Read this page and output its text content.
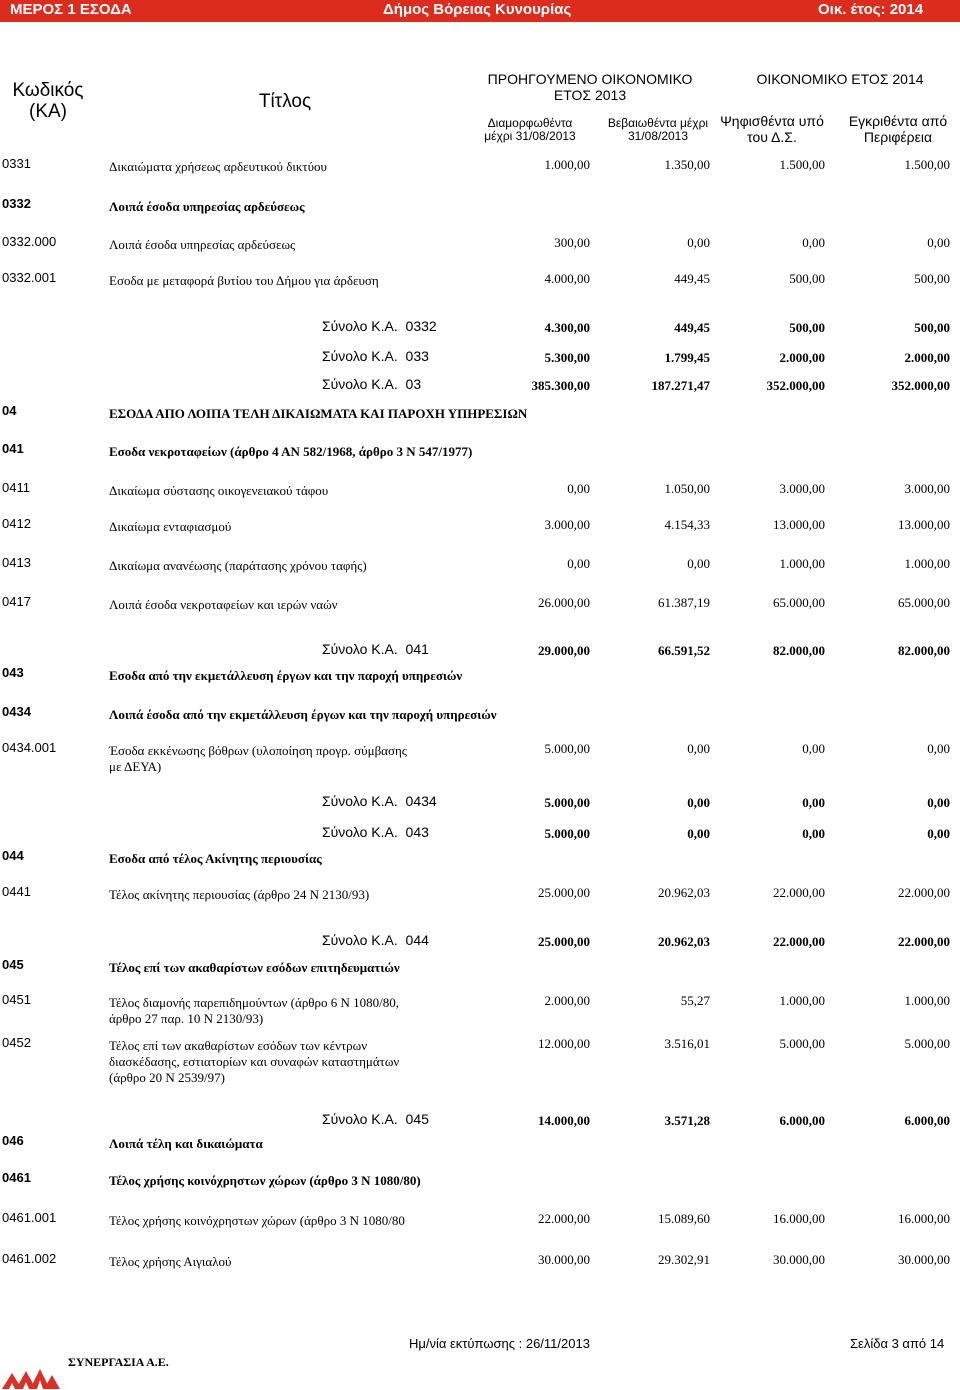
ΜΕΡΟΣ 1 ΕΣΟΔΑ	Δήμος Βόρειας Κυνουρίας	Οικ. έτος: 2014
Κωδικός
(ΚΑ)	Τίτλος
ΠΡΟΗΓΟΥΜΕΝΟ ΟΙΚΟΝΟΜΙΚΟ
ΕΤΟΣ 2013
Διαμορφωθέντα
μέχρι 31/08/2013
Βεβαιωθέντα μέχρι
31/08/2013
ΟΙΚΟΝΟΜΙΚΟ ΕΤΟΣ 2014
Ψηφισθέντα υπό
του Δ.Σ.
Εγκριθέντα από
Περιφέρεια
0331	Δικαιώματα χρήσεως αρδευτικού δικτύου	1.000,00	1.350,00	1.500,00	1.500,00
0332	Λοιπά έσοδα υπηρεσίας αρδεύσεως
0332.000	Λοιπά έσοδα υπηρεσίας αρδεύσεως	300,00	0,00	0,00	0,00
0332.001	Εσοδα με μεταφορά βυτίου του Δήμου για άρδευση	4.000,00	449,45	500,00	500,00
Σύνολο Κ.Α.  0332	4.300,00	449,45	500,00	500,00
Σύνολο Κ.Α.  033	5.300,00	1.799,45	2.000,00	2.000,00
Σύνολο Κ.Α.  03	385.300,00	187.271,47	352.000,00	352.000,00
04	ΕΣΟΔΑ ΑΠΟ ΛΟΙΠΑ ΤΕΛΗ ΔΙΚΑΙΩΜΑΤΑ ΚΑΙ ΠΑΡΟΧΗ ΥΠΗΡΕΣΙΩΝ
041	Εσοδα νεκροταφείων (άρθρο 4 ΑΝ 582/1968, άρθρο 3 Ν 547/1977)
0411	Δικαίωμα σύστασης οικογενειακού τάφου	0,00	1.050,00	3.000,00	3.000,00
0412	Δικαίωμα ενταφιασμού	3.000,00	4.154,33	13.000,00	13.000,00
0413	Δικαίωμα ανανέωσης (παράτασης χρόνου ταφής)	0,00	0,00	1.000,00	1.000,00
0417	Λοιπά έσοδα νεκροταφείων και ιερών ναών	26.000,00	61.387,19	65.000,00	65.000,00
Σύνολο Κ.Α.  041	29.000,00	66.591,52	82.000,00	82.000,00
043	Εσοδα από την εκμετάλλευση έργων και την παροχή υπηρεσιών
0434	Λοιπά έσοδα από την εκμετάλλευση έργων και την παροχή υπηρεσιών
0434.001	Έσοδα εκκένωσης βόθρων (υλοποίηση προγρ. σύμβασης
με ΔΕΥΑ)
5.000,00	0,00	0,00	0,00
Σύνολο Κ.Α.  0434	5.000,00	0,00	0,00	0,00
Σύνολο Κ.Α.  043	5.000,00	0,00	0,00	0,00
044	Εσοδα από τέλος Ακίνητης περιουσίας
0441	Τέλος ακίνητης περιουσίας (άρθρο 24 Ν 2130/93)	25.000,00	20.962,03	22.000,00	22.000,00
Σύνολο Κ.Α.  044	25.000,00	20.962,03	22.000,00	22.000,00
045	Τέλος επί των ακαθαρίστων εσόδων επιτηδευματιών
0451	Τέλος διαμονής παρεπιδημούντων (άρθρο 6 Ν 1080/80,
άρθρο 27 παρ. 10 Ν 2130/93)
2.000,00	55,27	1.000,00	1.000,00
0452	Τέλος επί των ακαθαρίστων εσόδων των κέντρων
διασκέδασης, εστιατορίων και συναφών καταστημάτων
(άρθρο 20 Ν 2539/97)
12.000,00	3.516,01	5.000,00	5.000,00
Σύνολο Κ.Α.  045	14.000,00	3.571,28	6.000,00	6.000,00
046	Λοιπά τέλη και δικαιώματα
0461	Τέλος χρήσης κοινόχρηστων χώρων (άρθρο 3 Ν 1080/80)
0461.001	Τέλος χρήσης κοινόχρηστων χώρων (άρθρο 3 Ν 1080/80	22.000,00	15.089,60	16.000,00	16.000,00
0461.002	Τέλος χρήσης Αιγιαλού	30.000,00	29.302,91	30.000,00	30.000,00
Ημ/νία εκτύπωσης : 26/11/2013	Σελίδα 3 από 14
ΣΥΝΕΡΓΑΣΙΑ Α.Ε.
